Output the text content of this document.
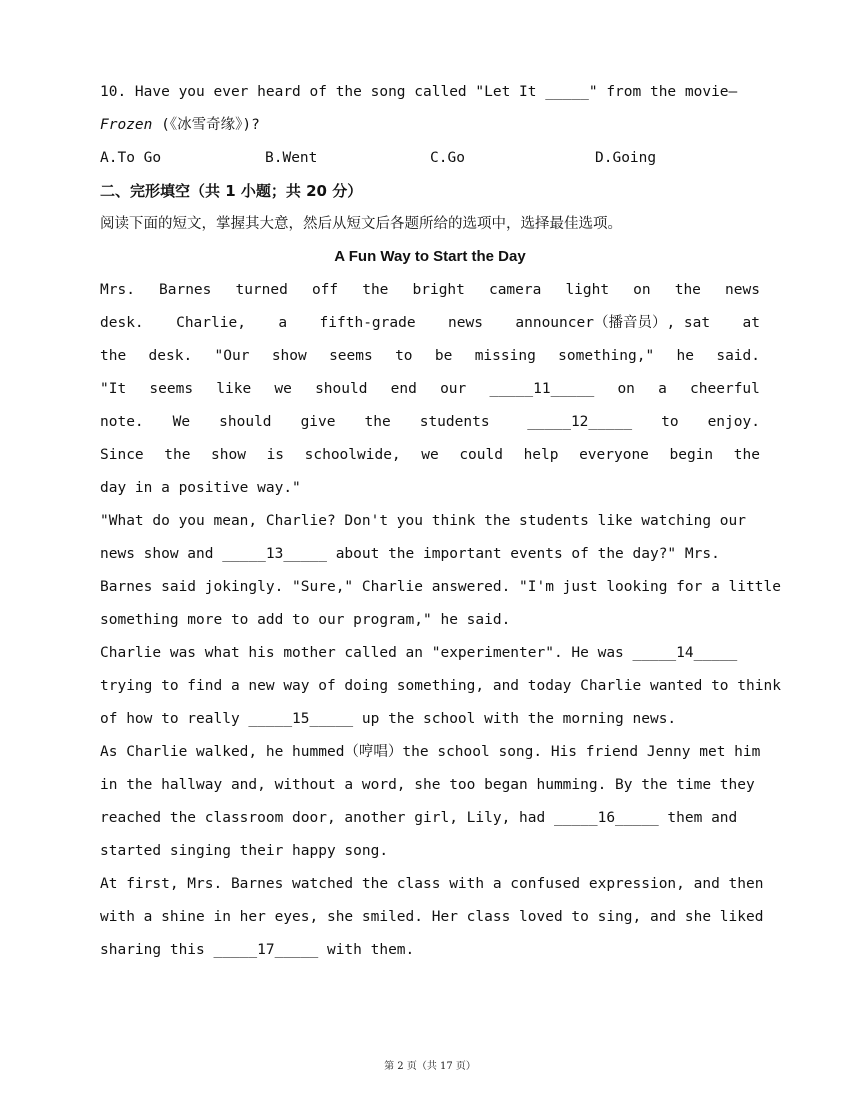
10. Have you ever heard of the song called "Let It _____" from the movie—
Frozen (《冰雪奇缘》)?
A.To Go	B.Went	C.Go	D.Going
二、完形填空（共 1 小题；共 20 分）
阅读下面的短文，掌握其大意，然后从短文后各题所给的选项中，选择最佳选项。
A Fun Way to Start the Day
Mrs. Barnes turned off the bright camera light on the news
desk. Charlie, a fifth-grade news announcer（播音员）, sat at
the desk. "Our show seems to be missing something," he said.
"It seems like we should end our _____11_____ on a cheerful
note. We should give the students _____12_____ to enjoy.
Since the show is schoolwide, we could help everyone begin the
day in a positive way."
"What do you mean, Charlie? Don't you think the students like watching our
news show and _____13_____ about the important events of the day?" Mrs.
Barnes said jokingly. "Sure," Charlie answered. "I'm just looking for a little
something more to add to our program," he said.
Charlie was what his mother called an "experimenter". He was _____14_____
trying to find a new way of doing something, and today Charlie wanted to think
of how to really _____15_____ up the school with the morning news.
As Charlie walked, he hummed（哼唱）the school song. His friend Jenny met him
in the hallway and, without a word, she too began humming. By the time they
reached the classroom door, another girl, Lily, had _____16_____ them and
started singing their happy song.
At first, Mrs. Barnes watched the class with a confused expression, and then
with a shine in her eyes, she smiled. Her class loved to sing, and she liked
sharing this _____17_____ with them.
第 2 页（共 17 页）
